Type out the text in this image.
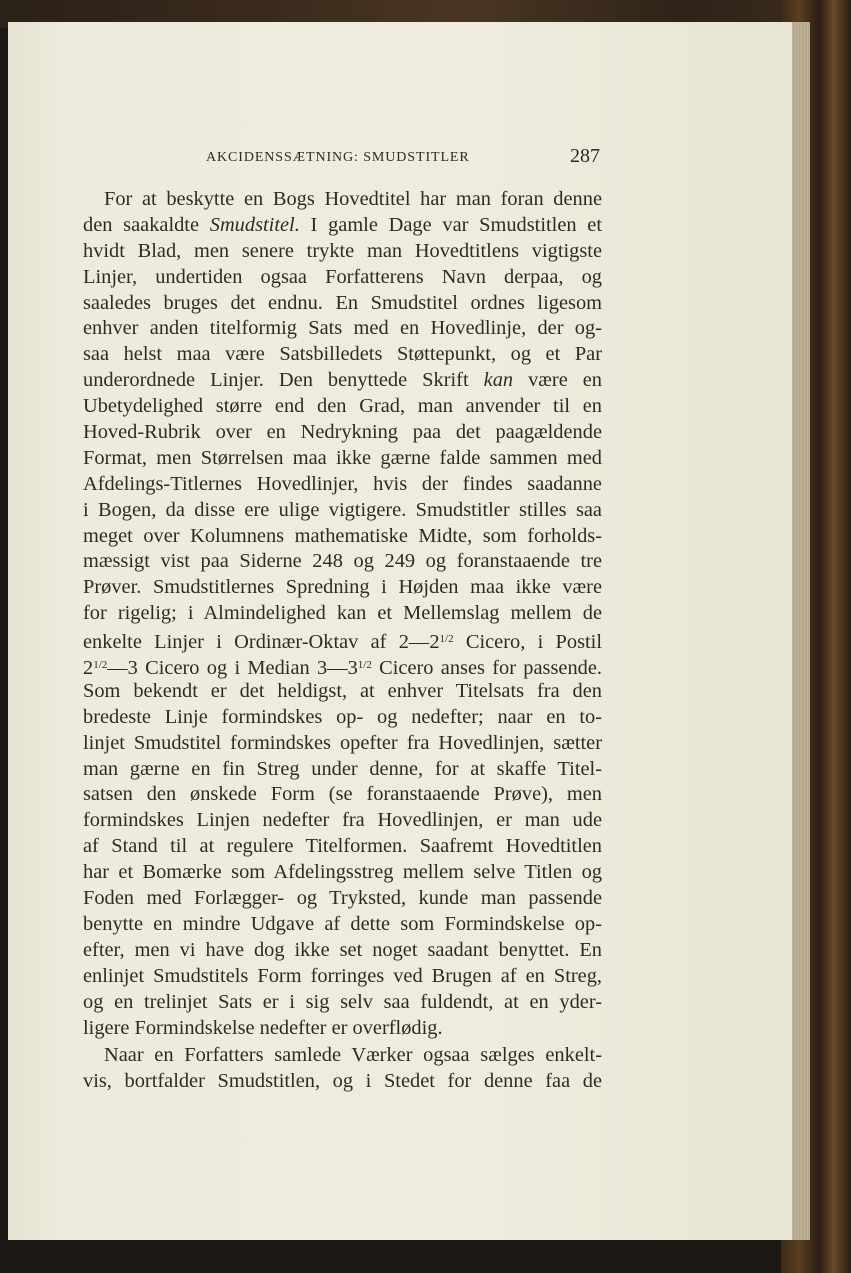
AKCIDENSSÆTNING: SMUDSTITLER	287
For at beskytte en Bogs Hovedtitel har man foran denne
den saakaldte Smudstitel. I gamle Dage var Smudstitlen et
hvidt Blad, men senere trykte man Hovedtitlens vigtigste
Linjer, undertiden ogsaa Forfatterens Navn derpaa, og
saaledes bruges det endnu. En Smudstitel ordnes ligesom
enhver anden titelformig Sats med en Hovedlinje, der og-
saa helst maa være Satsbilledets Støttepunkt, og et Par
underordnede Linjer. Den benyttede Skrift kan være en
Ubetydelighed større end den Grad, man anvender til en
Hoved-Rubrik over en Nedrykning paa det paagældende
Format, men Størrelsen maa ikke gærne falde sammen med
Afdelings-Titlernes Hovedlinjer, hvis der findes saadanne
i Bogen, da disse ere ulige vigtigere. Smudstitler stilles saa
meget over Kolumnens mathematiske Midte, som forholds-
mæssigt vist paa Siderne 248 og 249 og foranstaaende tre
Prøver. Smudstitlernes Spredning i Højden maa ikke være
for rigelig; i Almindelighed kan et Mellemslag mellem de
enkelte Linjer i Ordinær-Oktav af $2—2^{1/2}$ Cicero, i Postil
$2^{1/2}—3$ Cicero og i Median $3—3^{1/2}$ Cicero anses for passende.
Som bekendt er det heldigst, at enhver Titelsats fra den
bredeste Linje formindskes op- og nedefter; naar en to-
linjet Smudstitel formindskes opefter fra Hovedlinjen, sætter
man gærne en fin Streg under denne, for at skaffe Titel-
satsen den ønskede Form (se foranstaaende Prøve), men
formindskes Linjen nedefter fra Hovedlinjen, er man ude
af Stand til at regulere Titelformen. Saafremt Hovedtitlen
har et Bomærke som Afdelingsstreg mellem selve Titlen og
Foden med Forlægger- og Tryksted, kunde man passende
benytte en mindre Udgave af dette som Formindskelse op-
efter, men vi have dog ikke set noget saadant benyttet. En
enlinjet Smudstitels Form forringes ved Brugen af en Streg,
og en trelinjet Sats er i sig selv saa fuldendt, at en yder-
ligere Formindskelse nedefter er overflødig.
Naar en Forfatters samlede Værker ogsaa sælges enkelt-
vis, bortfalder Smudstitlen, og i Stedet for denne faa de
